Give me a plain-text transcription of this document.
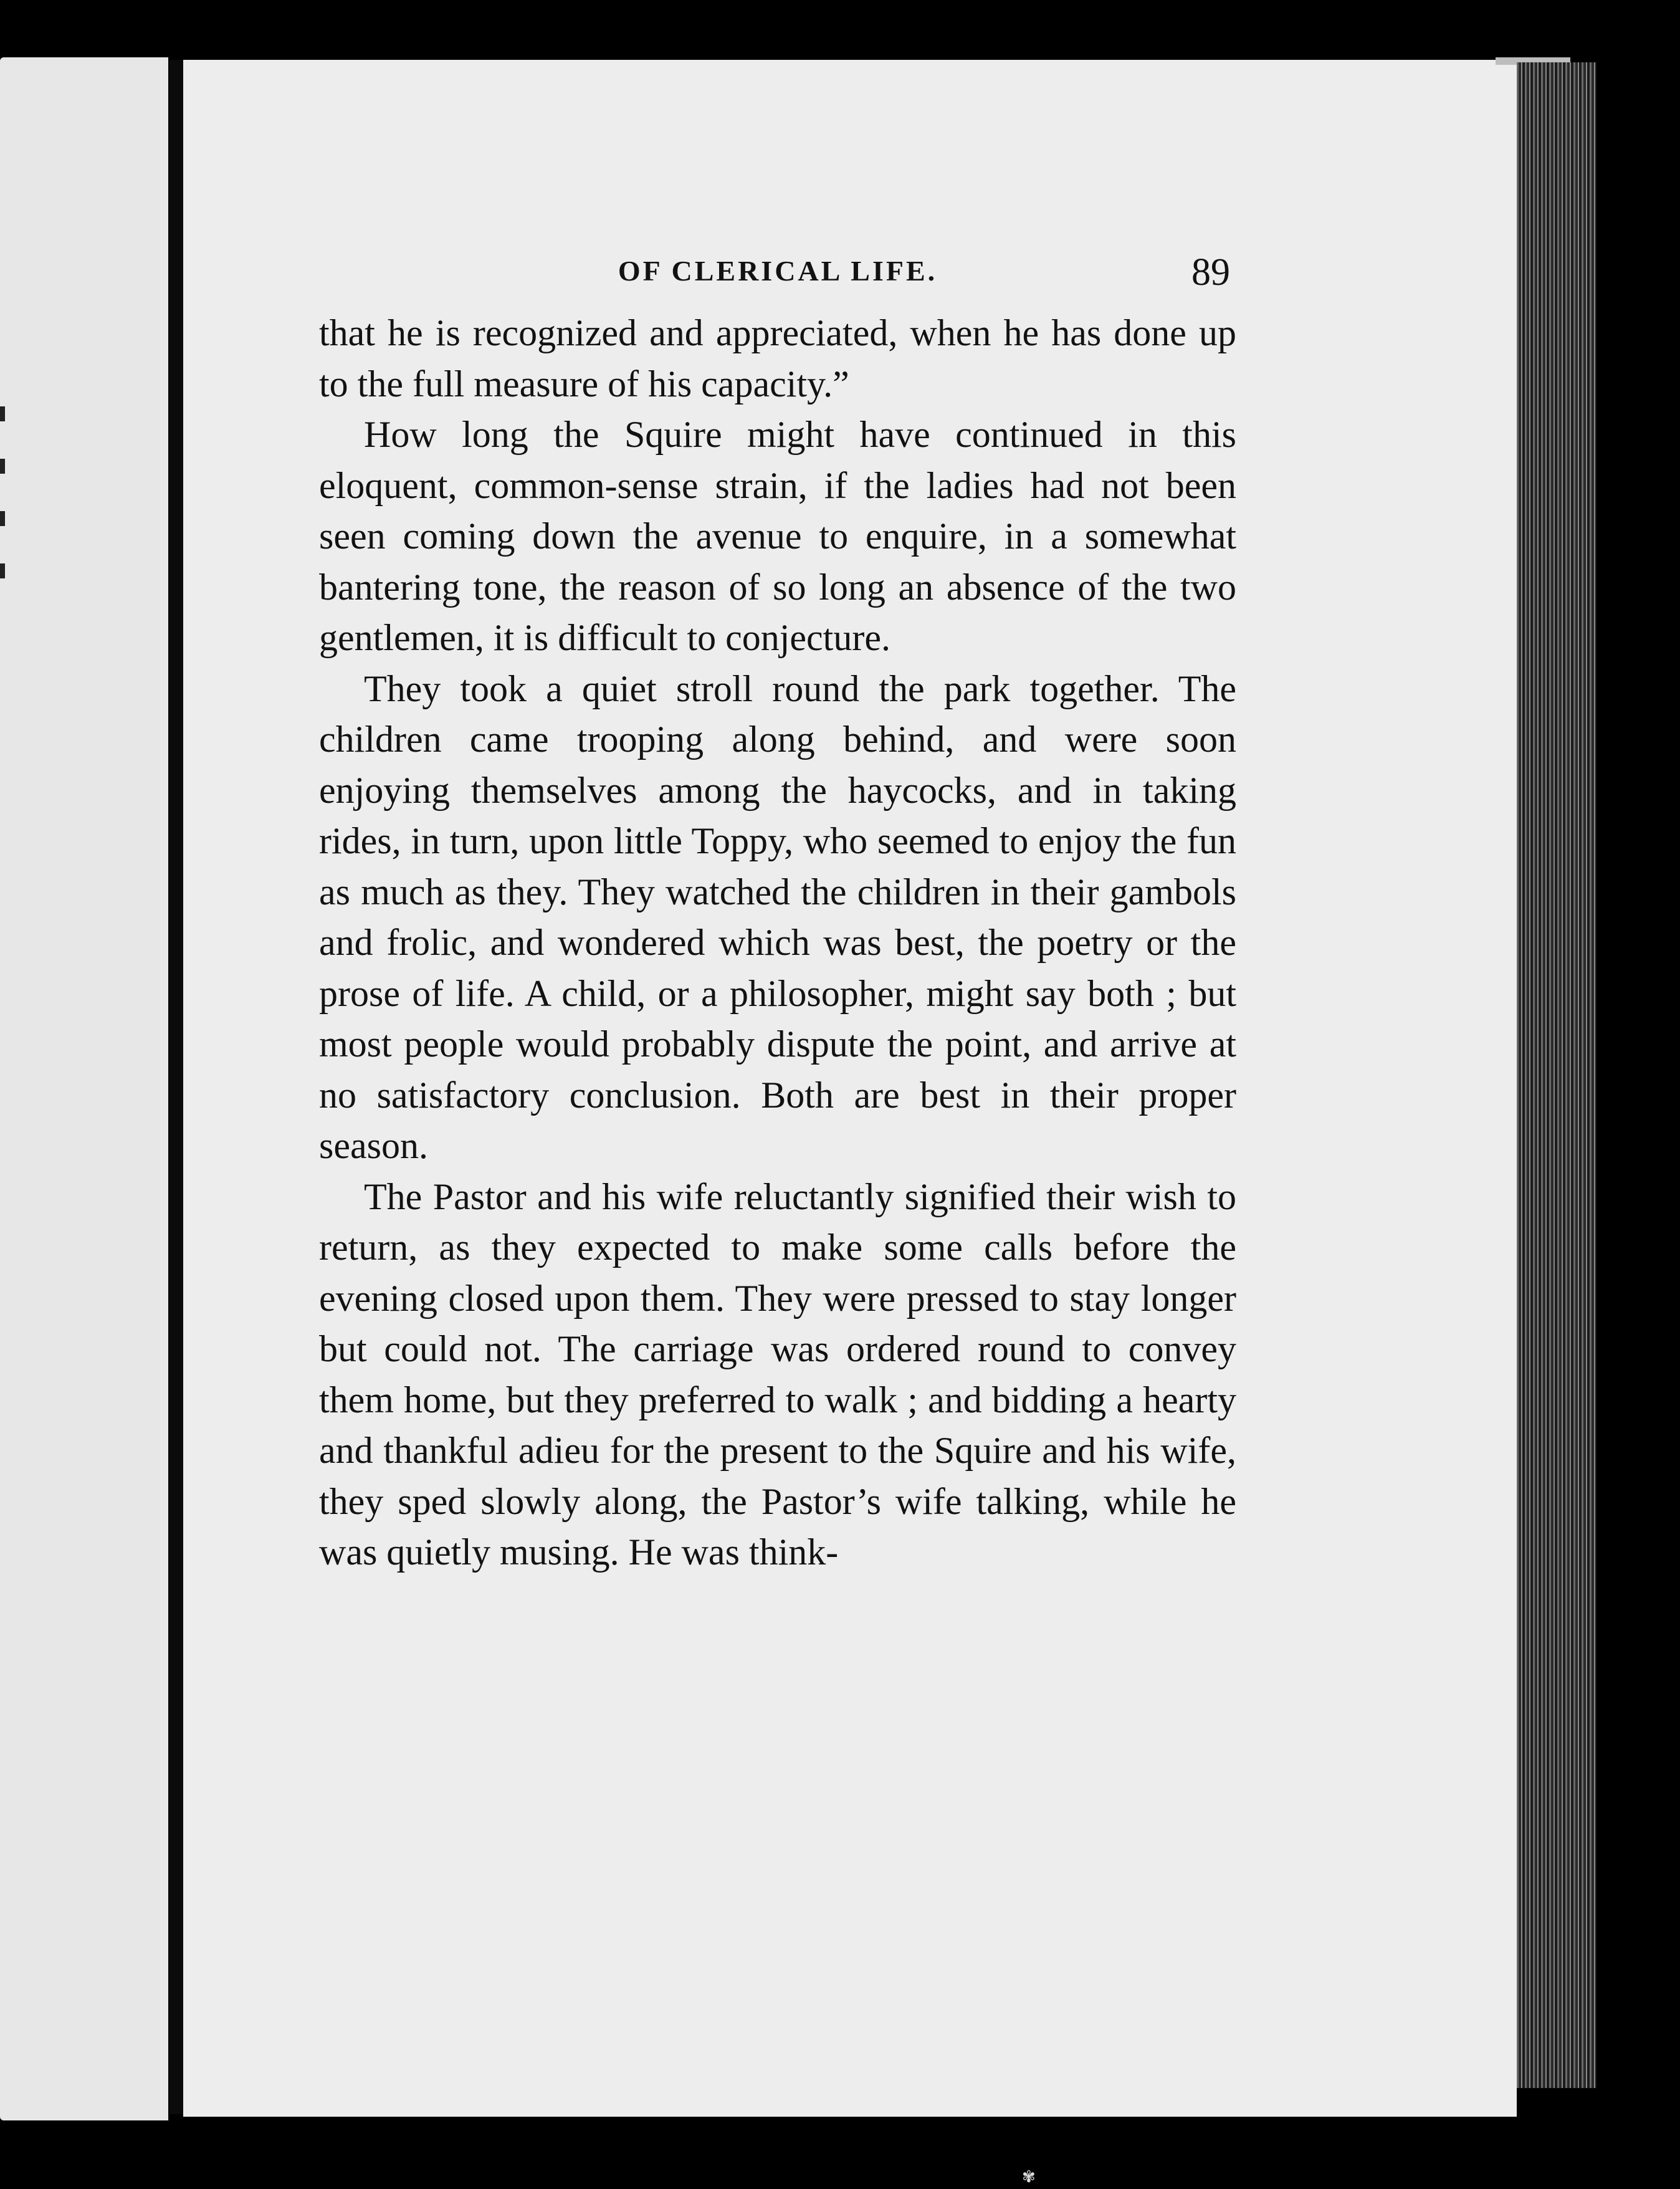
OF CLERICAL LIFE.	89

that he is recognized and appreciated, when he has done up to the full measure of his capacity.”

How long the Squire might have continued in this eloquent, common-sense strain, if the ladies had not been seen coming down the avenue to enquire, in a somewhat bantering tone, the reason of so long an absence of the two gentlemen, it is difficult to conjecture.

They took a quiet stroll round the park together. The children came trooping along behind, and were soon enjoying themselves among the haycocks, and in taking rides, in turn, upon little Toppy, who seemed to enjoy the fun as much as they. They watched the children in their gambols and frolic, and wondered which was best, the poetry or the prose of life. A child, or a philosopher, might say both ; but most people would probably dispute the point, and arrive at no satisfactory conclusion. Both are best in their proper season.

The Pastor and his wife reluctantly signified their wish to return, as they expected to make some calls before the evening closed upon them. They were pressed to stay longer but could not. The carriage was ordered round to convey them home, but they preferred to walk ; and bidding a hearty and thankful adieu for the present to the Squire and his wife, they sped slowly along, the Pastor’s wife talking, while he was quietly musing. He was think-

✾
